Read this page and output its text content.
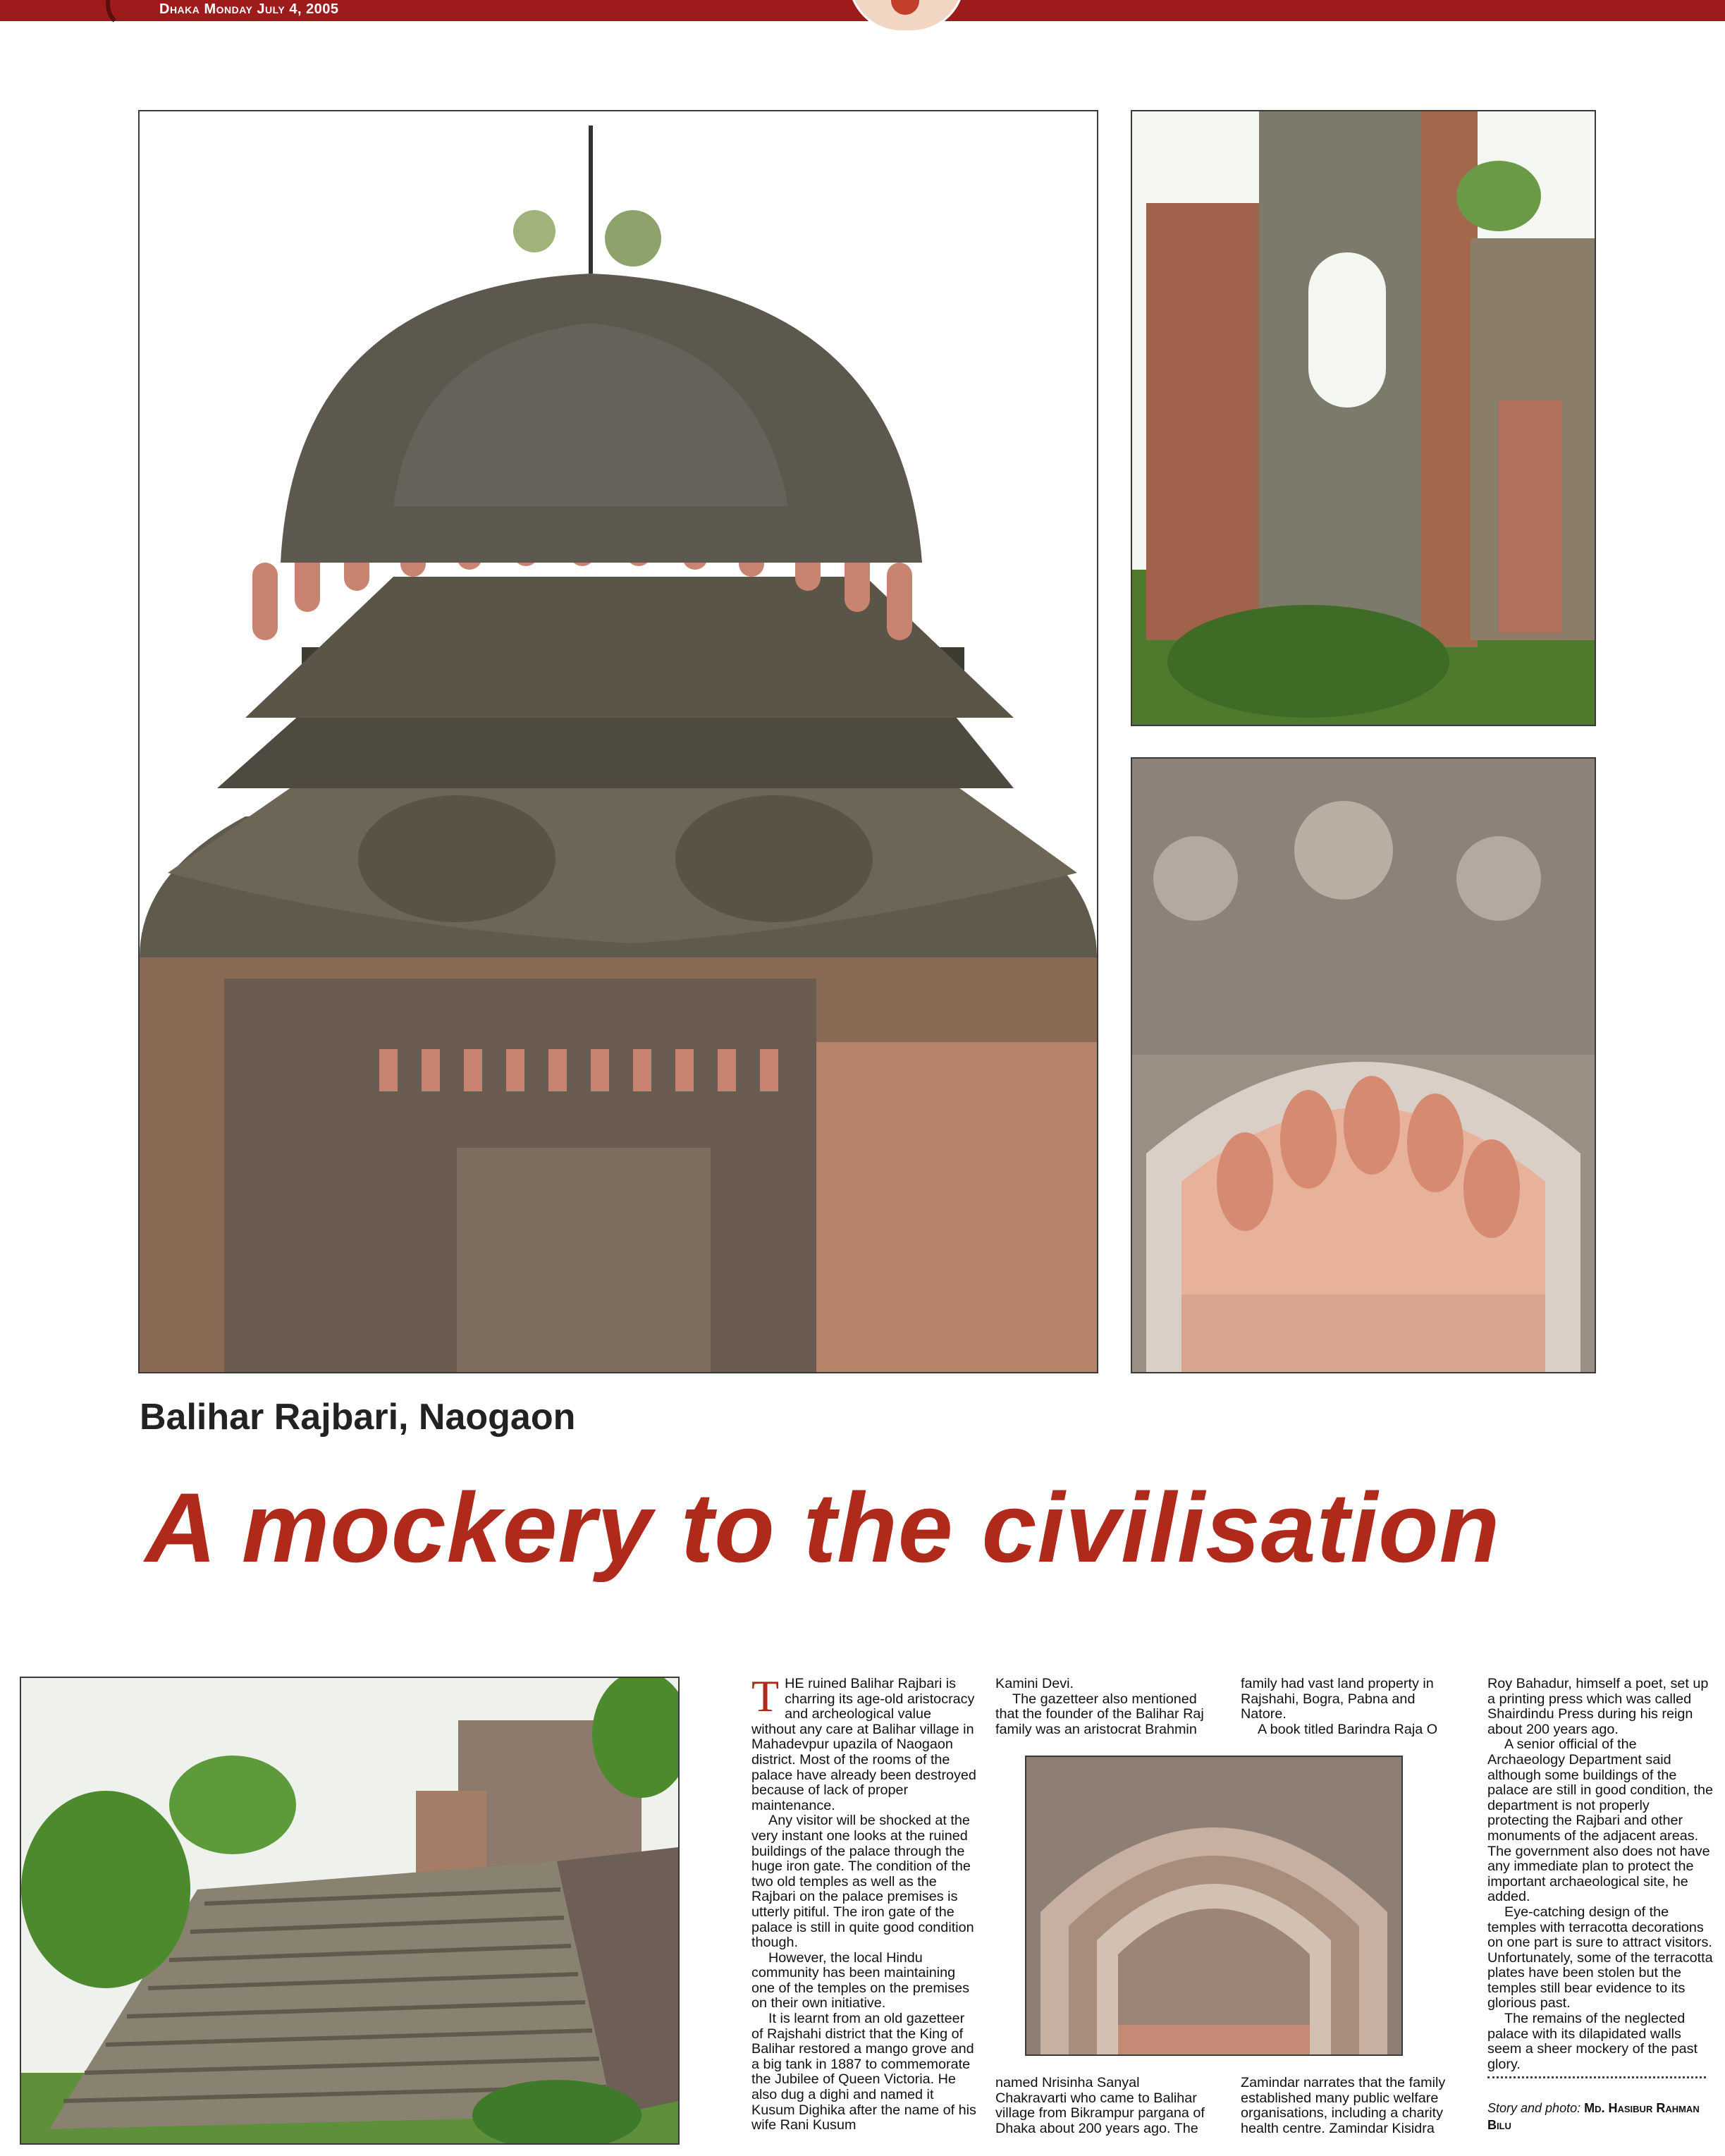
Dhaka Monday July 4, 2005
Balihar Rajbari, Naogaon
A mockery to the civilisation

THE ruined Balihar Rajbari is charring its age-old aristocracy and archeological value without any care at Balihar village in Mahadevpur upazila of Naogaon district. Most of the rooms of the palace have already been destroyed because of lack of proper maintenance.

Any visitor will be shocked at the very instant one looks at the ruined buildings of the palace through the huge iron gate. The condition of the two old temples as well as the Rajbari on the palace premises is utterly pitiful. The iron gate of the palace is still in quite good condition though.

However, the local Hindu community has been maintaining one of the temples on the premises on their own initiative.

It is learnt from an old gazetteer of Rajshahi district that the King of Balihar restored a mango grove and a big tank in 1887 to commemorate the Jubilee of Queen Victoria. He also dug a dighi and named it Kusum Dighika after the name of his wife Rani Kusum

Kamini Devi.

The gazetteer also mentioned that the founder of the Balihar Raj family was an aristocrat Brahmin

named Nrisinha Sanyal Chakravarti who came to Balihar village from Bikrampur pargana of Dhaka about 200 years ago. The

family had vast land property in Rajshahi, Bogra, Pabna and Natore.

A book titled Barindra Raja O

Zamindar narrates that the family established many public welfare organisations, including a charity health centre. Zamindar Kisidra

Roy Bahadur, himself a poet, set up a printing press which was called Shairdindu Press during his reign about 200 years ago.

A senior official of the Archaeology Department said although some buildings of the palace are still in good condition, the department is not properly protecting the Rajbari and other monuments of the adjacent areas. The government also does not have any immediate plan to protect the important archaeological site, he added.

Eye-catching design of the temples with terracotta decorations on one part is sure to attract visitors. Unfortunately, some of the terracotta plates have been stolen but the temples still bear evidence to its glorious past.

The remains of the neglected palace with its dilapidated walls seem a sheer mockery of the past glory.

Story and photo: Md. Hasibur Rahman Bilu
